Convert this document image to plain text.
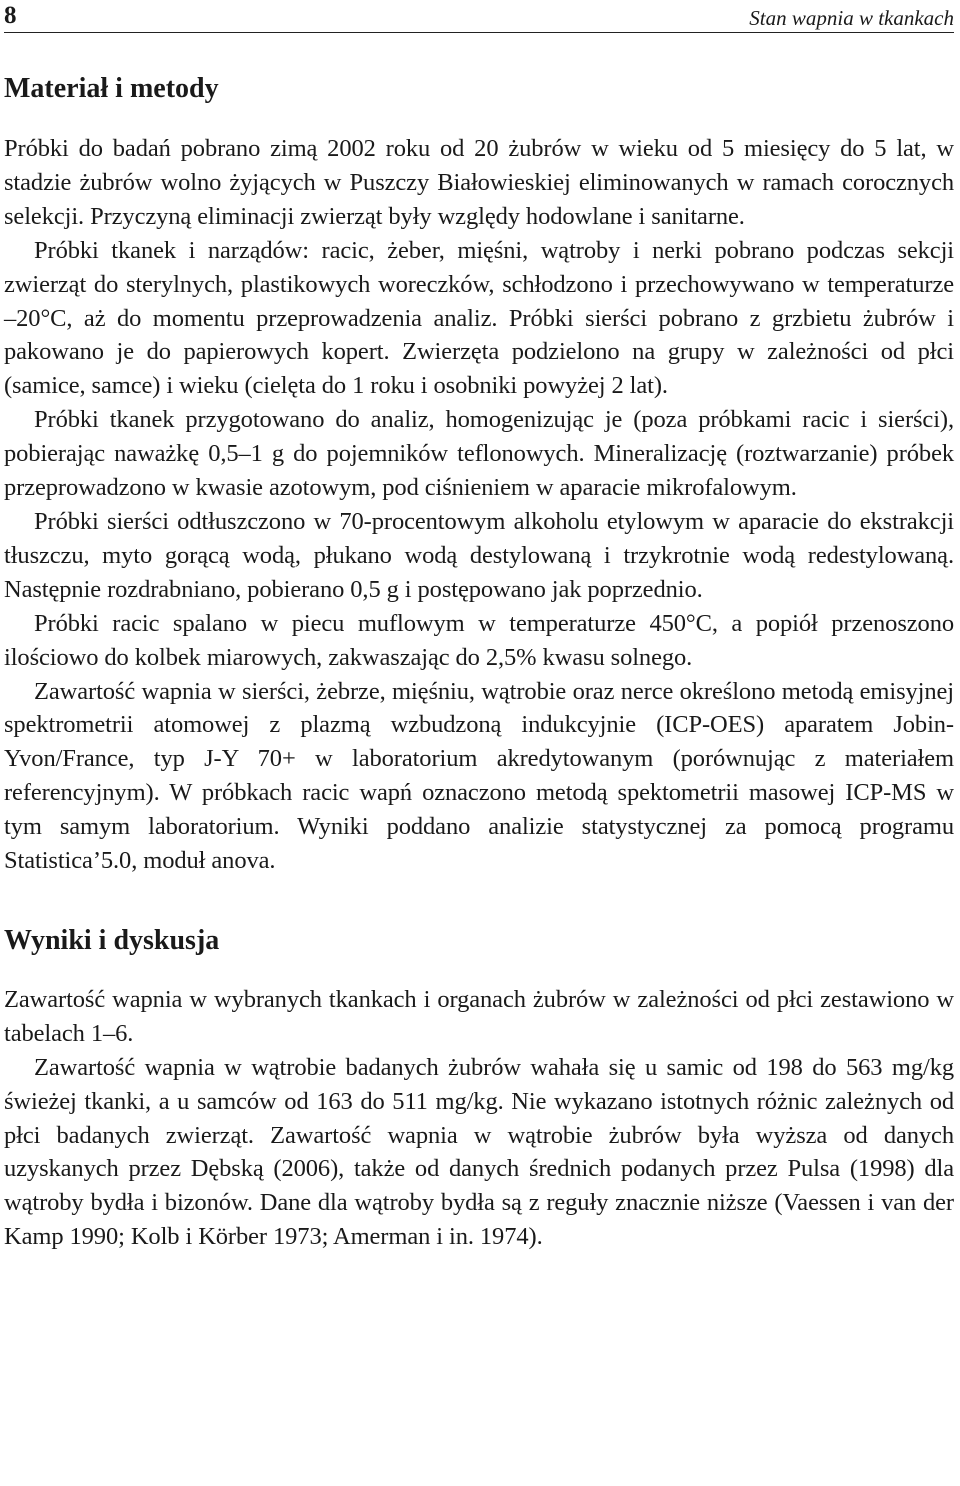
8	Stan wapnia w tkankach
Materiał i metody

Próbki do badań pobrano zimą 2002 roku od 20 żubrów w wieku od 5 miesięcy do 5 lat, w stadzie żubrów wolno żyjących w Puszczy Białowieskiej eliminowanych w ramach corocznych selekcji. Przyczyną eliminacji zwierząt były względy hodowlane i sanitarne.

Próbki tkanek i narządów: racic, żeber, mięśni, wątroby i nerki pobrano podczas sekcji zwierząt do sterylnych, plastikowych woreczków, schłodzono i przechowywano w temperaturze –20°C, aż do momentu przeprowadzenia analiz. Próbki sierści pobrano z grzbietu żubrów i pakowano je do papierowych kopert. Zwierzęta podzielono na grupy w zależności od płci (samice, samce) i wieku (cielęta do 1 roku i osobniki powyżej 2 lat).

Próbki tkanek przygotowano do analiz, homogenizując je (poza próbkami racic i sierści), pobierając naważkę 0,5–1 g do pojemników teflonowych. Mineralizację (roztwarzanie) próbek przeprowadzono w kwasie azotowym, pod ciśnieniem w aparacie mikrofalowym.

Próbki sierści odtłuszczono w 70-procentowym alkoholu etylowym w aparacie do ekstrakcji tłuszczu, myto gorącą wodą, płukano wodą destylowaną i trzykrotnie wodą redestylowaną. Następnie rozdrabniano, pobierano 0,5 g i postępowano jak poprzednio.

Próbki racic spalano w piecu muflowym w temperaturze 450°C, a popiół przenoszono ilościowo do kolbek miarowych, zakwaszając do 2,5% kwasu solnego.

Zawartość wapnia w sierści, żebrze, mięśniu, wątrobie oraz nerce określono metodą emisyjnej spektrometrii atomowej z plazmą wzbudzoną indukcyjnie (ICP-OES) aparatem Jobin-Yvon/France, typ J-Y 70+ w laboratorium akredytowanym (porównując z materiałem referencyjnym). W próbkach racic wapń oznaczono metodą spektometrii masowej ICP-MS w tym samym laboratorium. Wyniki poddano analizie statystycznej za pomocą programu Statistica’5.0, moduł anova.

Wyniki i dyskusja

Zawartość wapnia w wybranych tkankach i organach żubrów w zależności od płci zestawiono w tabelach 1–6.

Zawartość wapnia w wątrobie badanych żubrów wahała się u samic od 198 do 563 mg/kg świeżej tkanki, a u samców od 163 do 511 mg/kg. Nie wykazano istotnych różnic zależnych od płci badanych zwierząt. Zawartość wapnia w wątrobie żubrów była wyższa od danych uzyskanych przez Dębską (2006), także od danych średnich podanych przez Pulsa (1998) dla wątroby bydła i bizonów. Dane dla wątroby bydła są z reguły znacznie niższe (Vaessen i van der Kamp 1990; Kolb i Körber 1973; Amerman i in. 1974).
